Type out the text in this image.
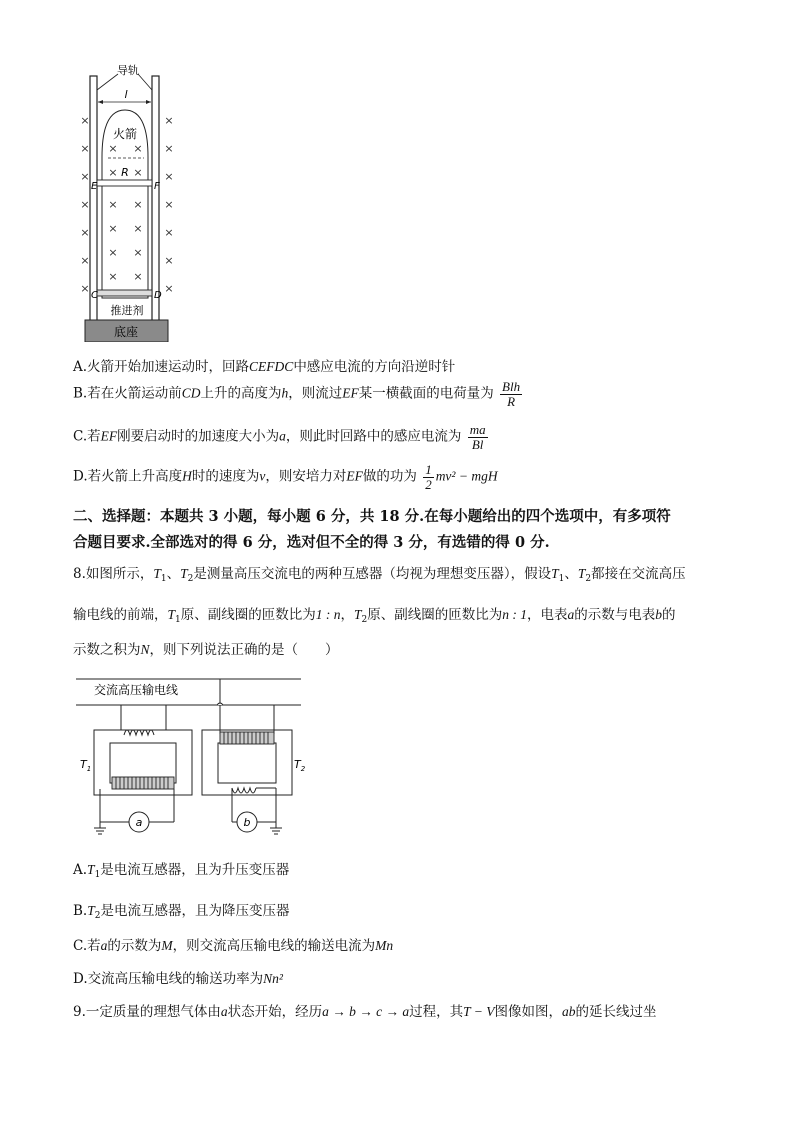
导轨
l
火箭
R
E	F
C	D
推进剂
×	×
×	×
×	×
×	×
×	×
×	×
×	×
× ×
× ×
× ×
× ×
× ×
× ×
底座
A.火箭开始加速运动时，回路CEFDC中感应电流的方向沿逆时针
B.若在火箭运动前CD上升的高度为h，则流过EF某一横截面的电荷量为 $\frac{\text{Blh}}{R}$
C.若EF刚要启动时的加速度大小为a，则此时回路中的感应电流为 $\frac{ma}{Bl}$
D.若火箭上升高度H时的速度为v，则安培力对EF做的功为 $\frac{1}{2} mv^2$ − mgH
二、选择题：本题共 3 小题，每小题 6 分，共 18 分.在每小题给出的四个选项中，有多项符
合题目要求.全部选对的得 6 分，选对但不全的得 3 分，有选错的得 0 分.
8.如图所示，$T_1$、$T_2$是测量高压交流电的两种互感器（均视为理想变压器），假设$T_1$、$T_2$都接在交流高压
输电线的前端，$T_1$原、副线圈的匝数比为1 : n，$T_2$原、副线圈的匝数比为n : 1，电表a的示数与电表b的
示数之积为N，则下列说法正确的是（　　）
交流高压输电线
$T_1$
a
$T_2$
b
$A.T_1$是电流互感器，且为升压变压器
$B.T_2$是电流互感器，且为降压变压器
C.若a的示数为M，则交流高压输电线的输送电流为Mn
D.交流高压输电线的输送功率为Nn²
9.一定质量的理想气体由a状态开始，经历a → b → c → a过程，其T − V图像如图，ab的延长线过坐
